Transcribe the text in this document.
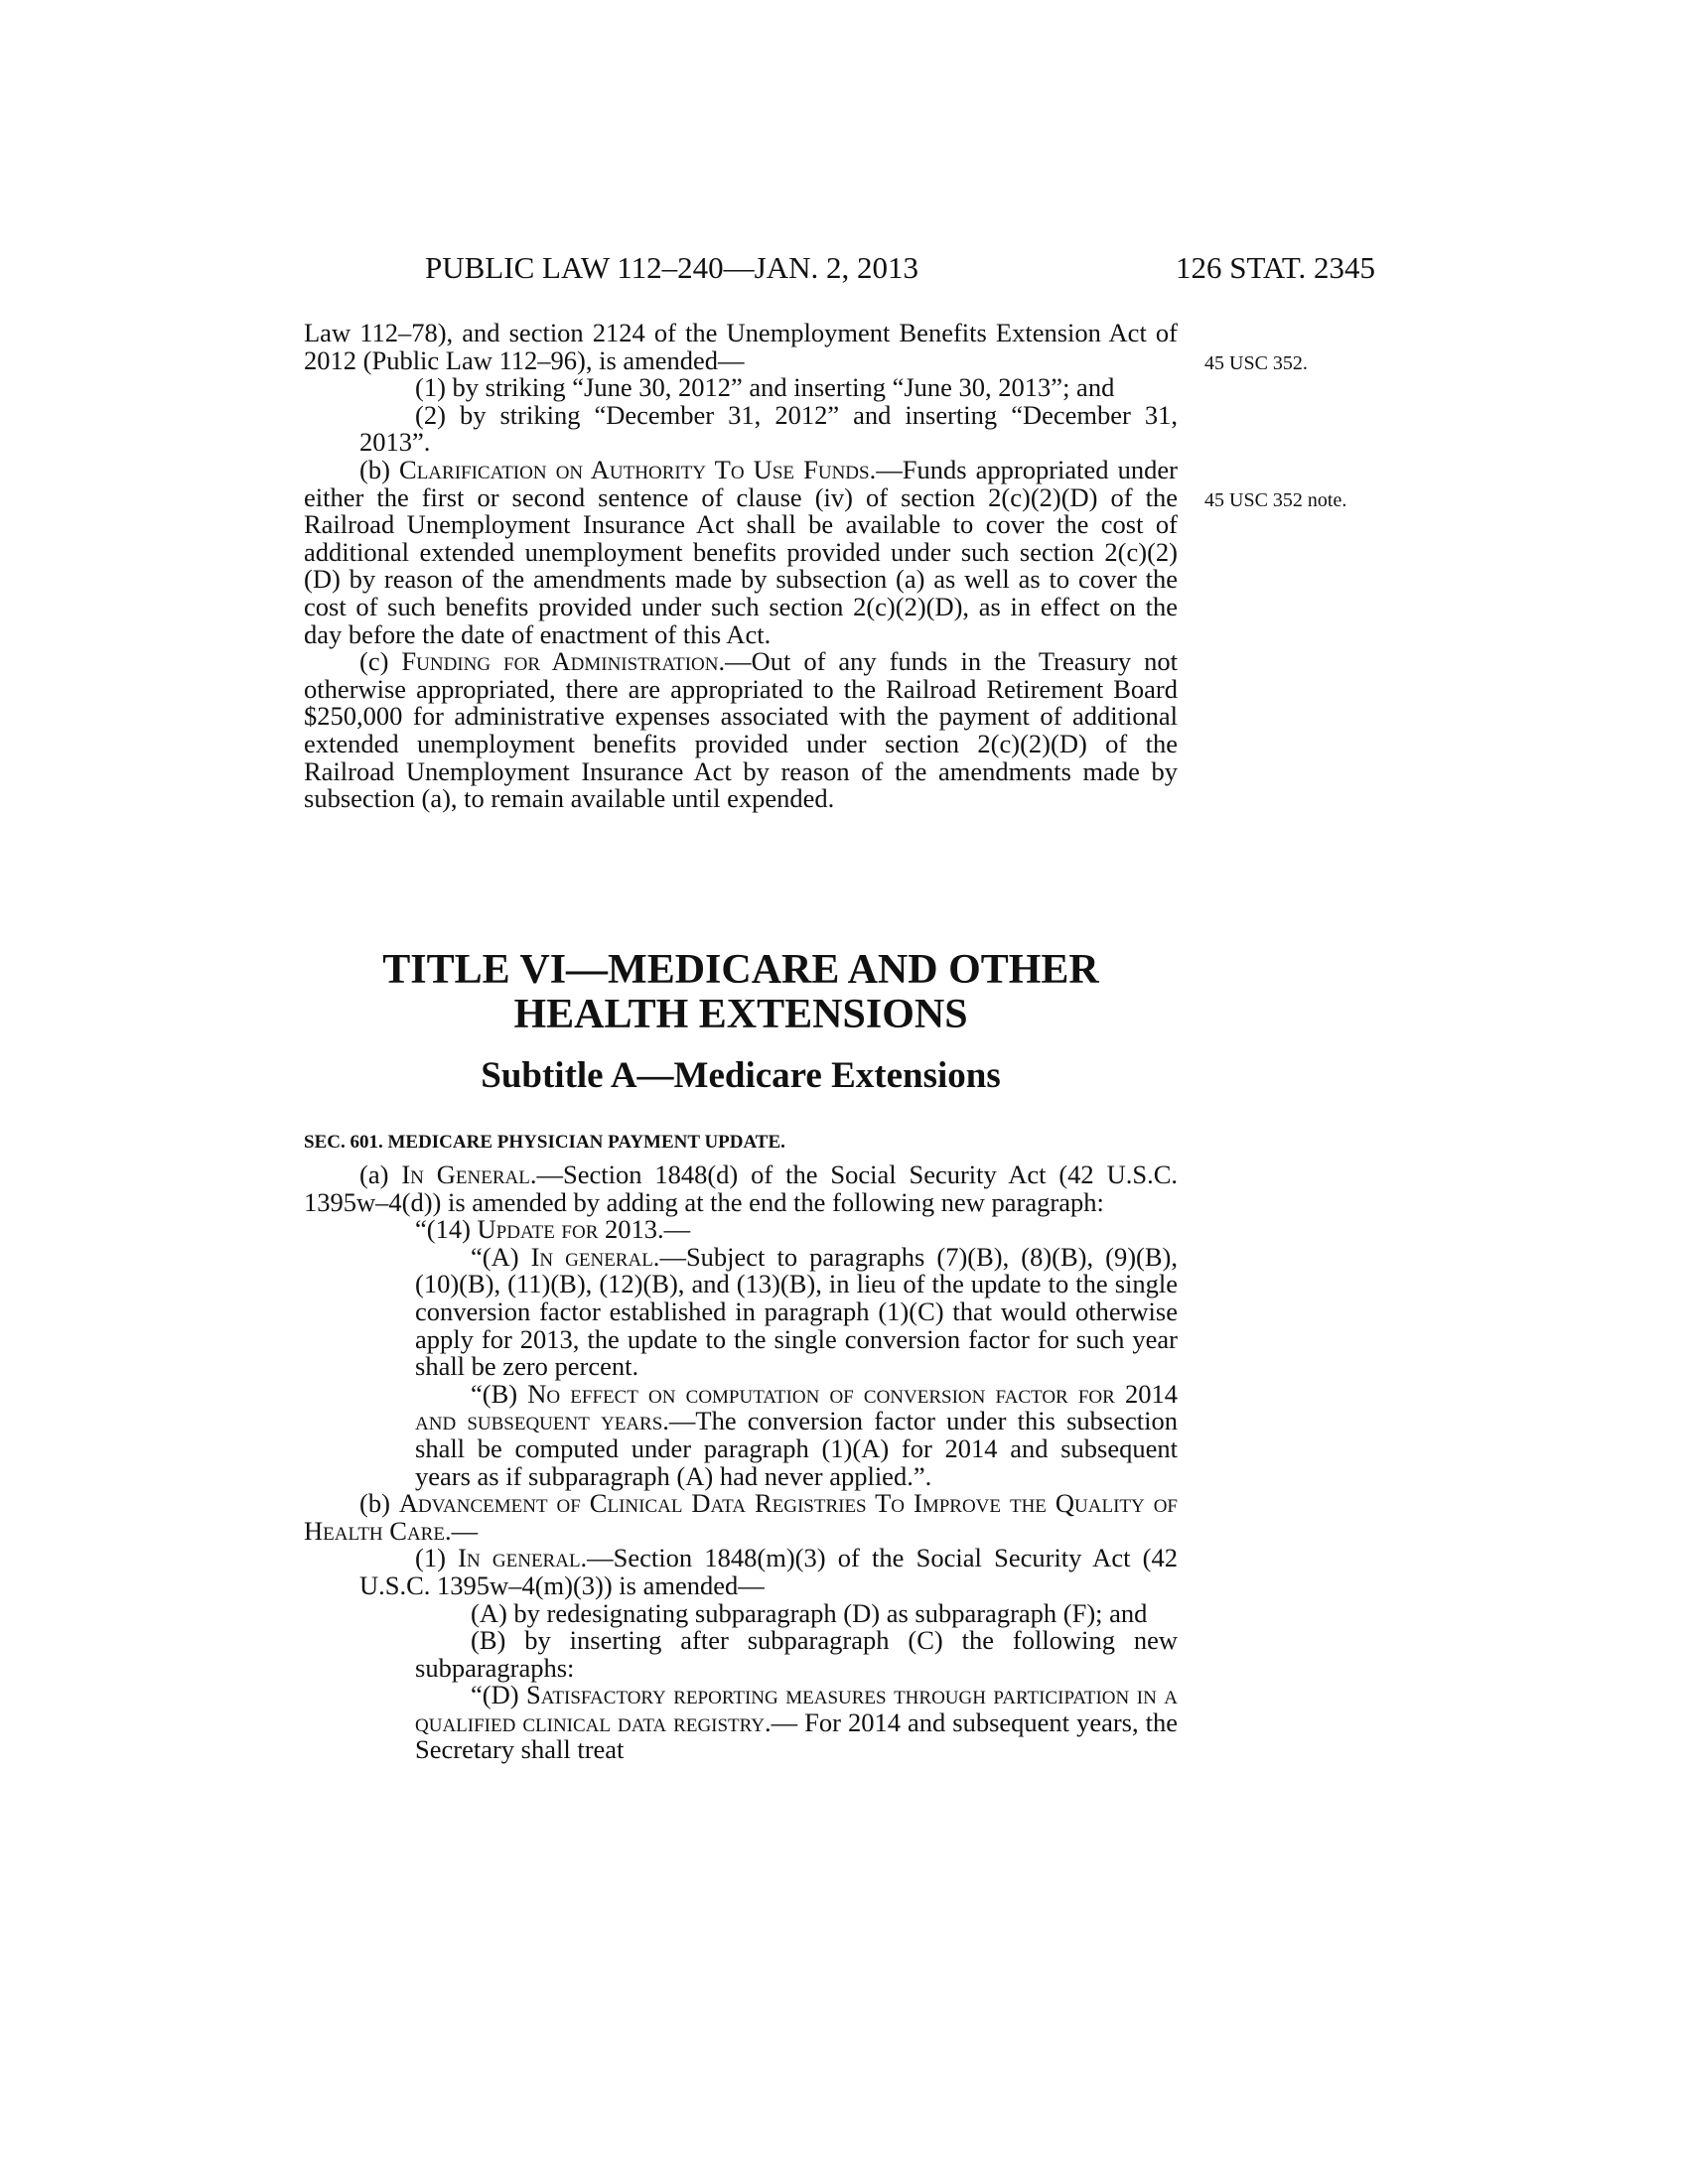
PUBLIC LAW 112–240—JAN. 2, 2013	126 STAT. 2345
45 USC 352.
45 USC 352 note.

Law 112–78), and section 2124 of the Unemployment Benefits Extension Act of 2012 (Public Law 112–96), is amended—

(1) by striking “June 30, 2012” and inserting “June 30, 2013”; and

(2) by striking “December 31, 2012” and inserting “December 31, 2013”.

(b) Clarification on Authority To Use Funds.—Funds appropriated under either the first or second sentence of clause (iv) of section 2(c)(2)(D) of the Railroad Unemployment Insurance Act shall be available to cover the cost of additional extended unemployment benefits provided under such section 2(c)(2)(D) by reason of the amendments made by subsection (a) as well as to cover the cost of such benefits provided under such section 2(c)(2)(D), as in effect on the day before the date of enactment of this Act.

(c) Funding for Administration.—Out of any funds in the Treasury not otherwise appropriated, there are appropriated to the Railroad Retirement Board $250,000 for administrative expenses associated with the payment of additional extended unemployment benefits provided under section 2(c)(2)(D) of the Railroad Unemployment Insurance Act by reason of the amendments made by subsection (a), to remain available until expended.

TITLE VI—MEDICARE AND OTHER
HEALTH EXTENSIONS
Subtitle A—Medicare Extensions
SEC. 601. MEDICARE PHYSICIAN PAYMENT UPDATE.

(a) In General.—Section 1848(d) of the Social Security Act (42 U.S.C. 1395w–4(d)) is amended by adding at the end the following new paragraph:

“(14) Update for 2013.—

“(A) In general.—Subject to paragraphs (7)(B), (8)(B), (9)(B), (10)(B), (11)(B), (12)(B), and (13)(B), in lieu of the update to the single conversion factor established in paragraph (1)(C) that would otherwise apply for 2013, the update to the single conversion factor for such year shall be zero percent.

“(B) No effect on computation of conversion factor for 2014 and subsequent years.—The conversion factor under this subsection shall be computed under paragraph (1)(A) for 2014 and subsequent years as if subparagraph (A) had never applied.”.

(b) Advancement of Clinical Data Registries To Improve the Quality of Health Care.—

(1) In general.—Section 1848(m)(3) of the Social Security Act (42 U.S.C. 1395w–4(m)(3)) is amended—

(A) by redesignating subparagraph (D) as subparagraph (F); and

(B) by inserting after subparagraph (C) the following new subparagraphs:

“(D) Satisfactory reporting measures through participation in a qualified clinical data registry.— For 2014 and subsequent years, the Secretary shall treat
